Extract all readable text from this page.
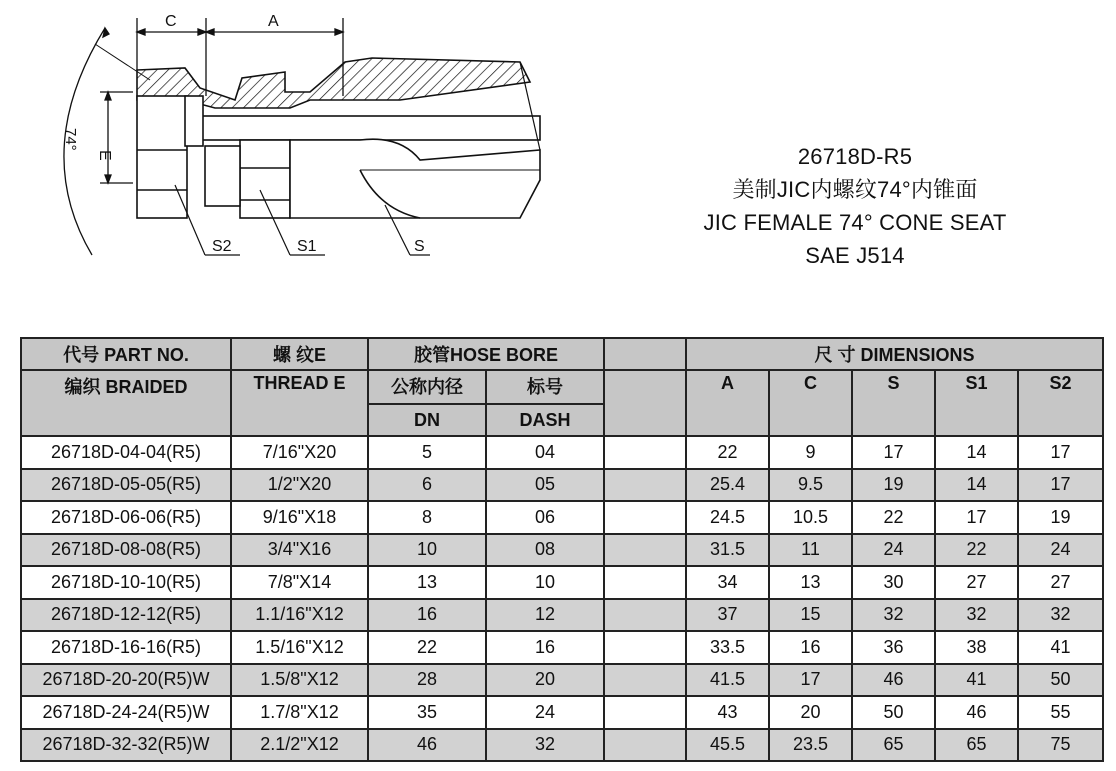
C	A
E
74°
S2	S1	S
26718D-R5
美制JIC内螺纹74°内锥面
JIC FEMALE 74° CONE SEAT
SAE J514
代号 PART NO.	螺 纹E	胶管HOSE BORE			尺 寸 DIMENSIONS				
编织 BRAIDED	THREAD E	公称内径	标号		A	C	S	S1	S2
		DN	DASH						
26718D-04-04(R5)	7/16"X20	5	04		22	9	17	14	17
26718D-05-05(R5)	1/2"X20	6	05		25.4	9.5	19	14	17
26718D-06-06(R5)	9/16"X18	8	06		24.5	10.5	22	17	19
26718D-08-08(R5)	3/4"X16	10	08		31.5	11	24	22	24
26718D-10-10(R5)	7/8"X14	13	10		34	13	30	27	27
26718D-12-12(R5)	1.1/16"X12	16	12		37	15	32	32	32
26718D-16-16(R5)	1.5/16"X12	22	16		33.5	16	36	38	41
26718D-20-20(R5)W	1.5/8"X12	28	20		41.5	17	46	41	50
26718D-24-24(R5)W	1.7/8"X12	35	24		43	20	50	46	55
26718D-32-32(R5)W	2.1/2"X12	46	32		45.5	23.5	65	65	75
